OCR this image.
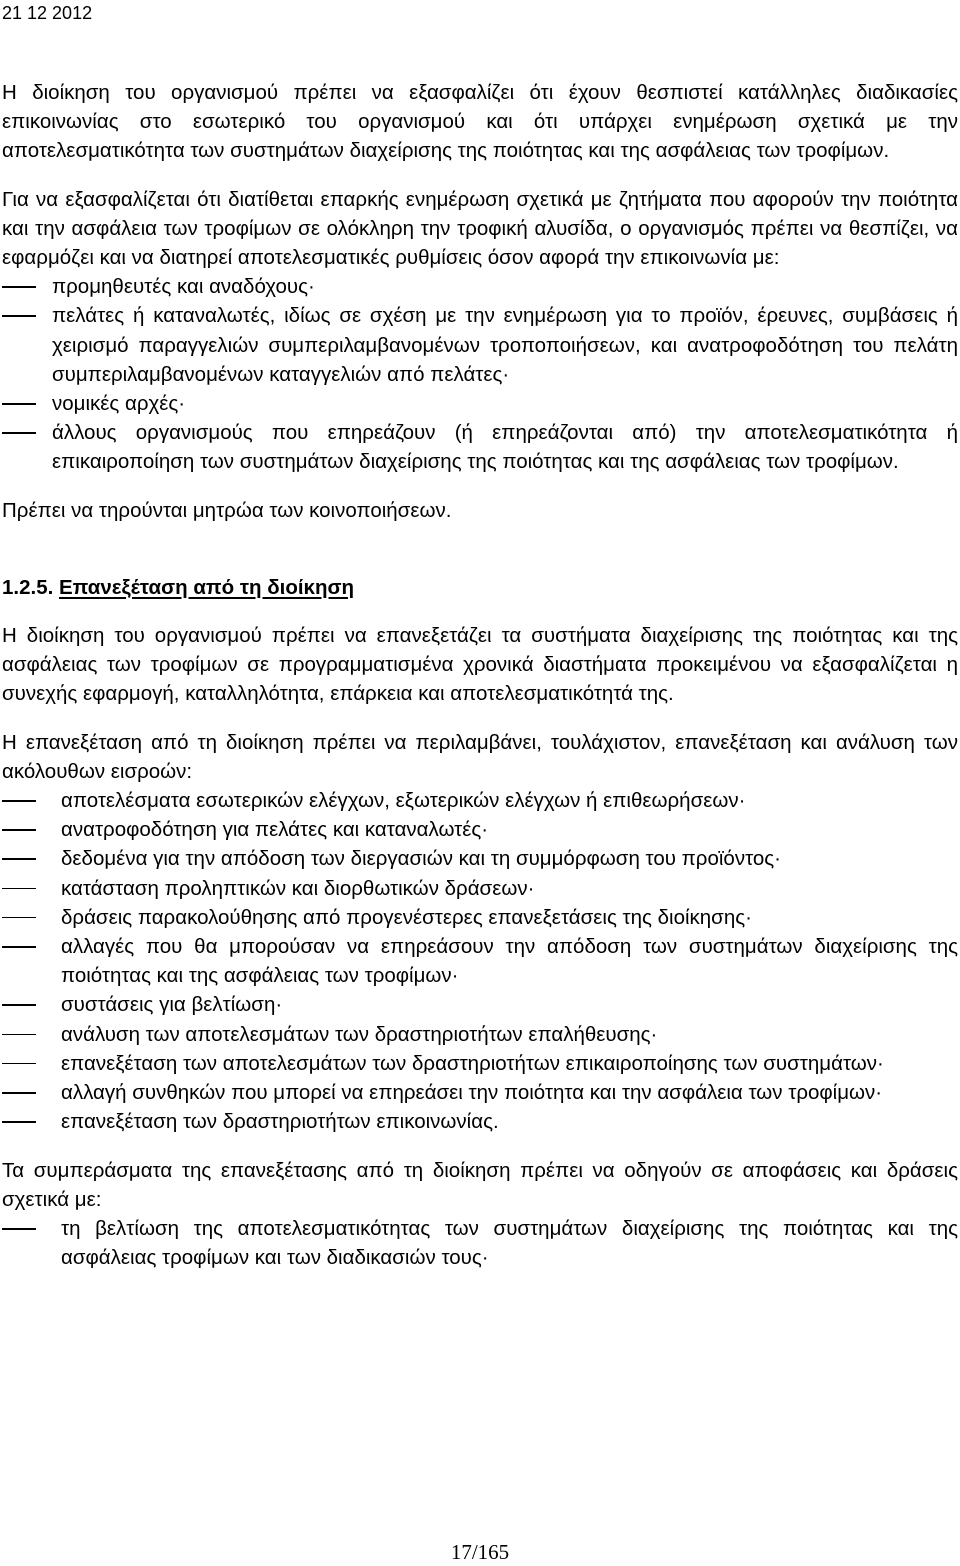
21 12 2012

Η διοίκηση του οργανισμού πρέπει να εξασφαλίζει ότι έχουν θεσπιστεί κατάλληλες διαδικασίες επικοινωνίας στο εσωτερικό του οργανισμού και ότι υπάρχει ενημέρωση σχετικά με την αποτελεσματικότητα των συστημάτων διαχείρισης της ποιότητας και της ασφάλειας των τροφίμων.

Για να εξασφαλίζεται ότι διατίθεται επαρκής ενημέρωση σχετικά με ζητήματα που αφορούν την ποιότητα και την ασφάλεια των τροφίμων σε ολόκληρη την τροφική αλυσίδα, ο οργανισμός πρέπει να θεσπίζει, να εφαρμόζει και να διατηρεί αποτελεσματικές ρυθμίσεις όσον αφορά την επικοινωνία με:

προμηθευτές και αναδόχους·
πελάτες ή καταναλωτές, ιδίως σε σχέση με την ενημέρωση για το προϊόν, έρευνες, συμβάσεις ή χειρισμό παραγγελιών συμπεριλαμβανομένων τροποποιήσεων, και ανατροφοδότηση του πελάτη συμπεριλαμβανομένων καταγγελιών από πελάτες·
νομικές αρχές·
άλλους οργανισμούς που επηρεάζουν (ή επηρεάζονται από) την αποτελεσματικότητα ή επικαιροποίηση των συστημάτων διαχείρισης της ποιότητας και της ασφάλειας των τροφίμων.

Πρέπει να τηρούνται μητρώα των κοινοποιήσεων.

1.2.5. Επανεξέταση από τη διοίκηση

Η διοίκηση του οργανισμού πρέπει να επανεξετάζει τα συστήματα διαχείρισης της ποιότητας και της ασφάλειας των τροφίμων σε προγραμματισμένα χρονικά διαστήματα προκειμένου να εξασφαλίζεται η συνεχής εφαρμογή, καταλληλότητα, επάρκεια και αποτελεσματικότητά της.

Η επανεξέταση από τη διοίκηση πρέπει να περιλαμβάνει, τουλάχιστον, επανεξέταση και ανάλυση των ακόλουθων εισροών:

αποτελέσματα εσωτερικών ελέγχων, εξωτερικών ελέγχων ή επιθεωρήσεων·
ανατροφοδότηση για πελάτες και καταναλωτές·
δεδομένα για την απόδοση των διεργασιών και τη συμμόρφωση του προϊόντος·
κατάσταση προληπτικών και διορθωτικών δράσεων·
δράσεις παρακολούθησης από προγενέστερες επανεξετάσεις της διοίκησης·
αλλαγές που θα μπορούσαν να επηρεάσουν την απόδοση των συστημάτων διαχείρισης της ποιότητας και της ασφάλειας των τροφίμων·
συστάσεις για βελτίωση·
ανάλυση των αποτελεσμάτων των δραστηριοτήτων επαλήθευσης·
επανεξέταση των αποτελεσμάτων των δραστηριοτήτων επικαιροποίησης των συστημάτων·
αλλαγή συνθηκών που μπορεί να επηρεάσει την ποιότητα και την ασφάλεια των τροφίμων·
επανεξέταση των δραστηριοτήτων επικοινωνίας.

Τα συμπεράσματα της επανεξέτασης από τη διοίκηση πρέπει να οδηγούν σε αποφάσεις και δράσεις σχετικά με:

τη βελτίωση της αποτελεσματικότητας των συστημάτων διαχείρισης της ποιότητας και της ασφάλειας τροφίμων και των διαδικασιών τους·
17/165
